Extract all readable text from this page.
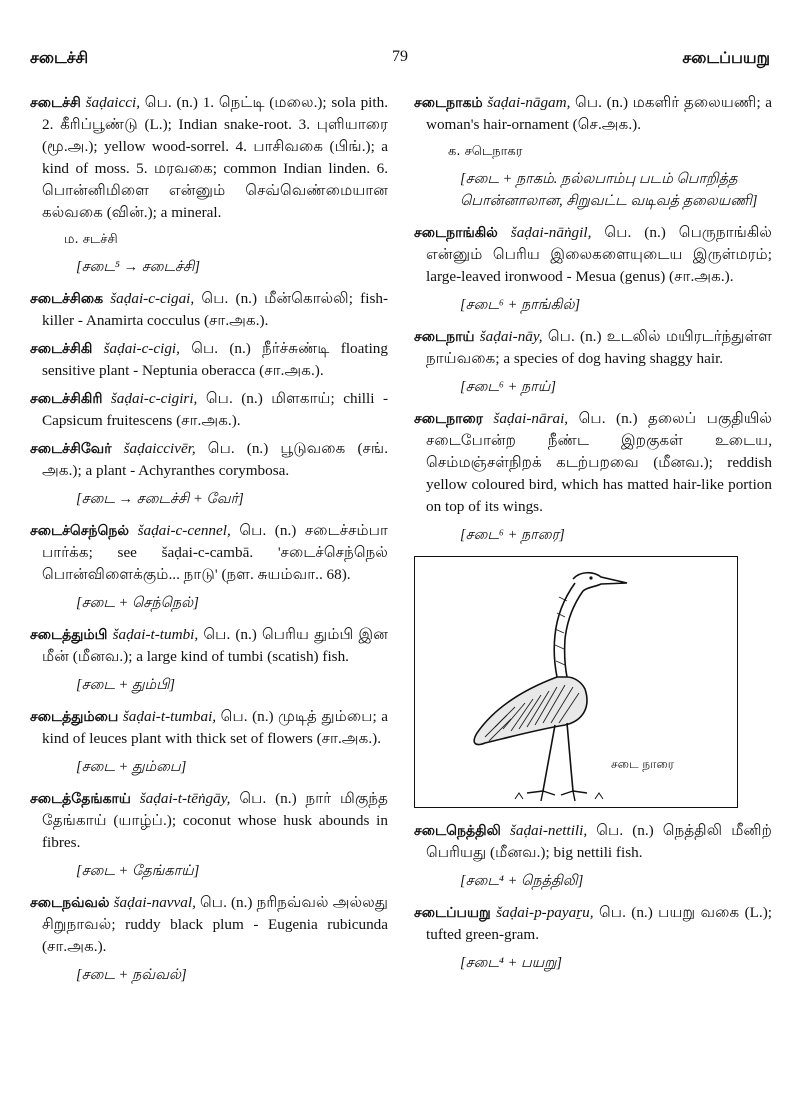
சடைச்சி	79	சடைப்பயறு
சடைச்சி šaḍaicci, பெ. (n.) 1. நெட்டி (மலை.); sola pith. 2. கீரிப்பூண்டு (L.); Indian snake-root. 3. புளியாரை (மூ.அ.); yellow wood-sorrel. 4. பாசிவகை (பிங்.); a kind of moss. 5. மரவகை; common Indian linden. 6. பொன்னிமிளை என்னும் செவ்வெண்மையான கல்வகை (வின்.); a mineral.
ம. சடச்சி
[சடை⁵ → சடைச்சி]
சடைச்சிகை šaḍai-c-cigai, பெ. (n.) மீன்கொல்லி; fish-killer - Anamirta cocculus (சா.அக.).
சடைச்சிகி šaḍai-c-cigi, பெ. (n.) நீர்ச்சுண்டி floating sensitive plant - Neptunia oberacca (சா.அக.).
சடைச்சிகிரி šaḍai-c-cigiri, பெ. (n.) மிளகாய்; chilli - Capsicum fruitescens (சா.அக.).
சடைச்சிவேர் šaḍaiccivēr, பெ. (n.) பூடுவகை (சங். அக.); a plant - Achyranthes corymbosa.
[சடை → சடைச்சி + வேர்]
சடைச்செந்நெல் šaḍai-c-cennel, பெ. (n.) சடைச்சம்பா பார்க்க; see šaḍai-c-cambā. 'சடைச்செந்நெல் பொன்விளைக்கும்... நாடு' (நள. சுயம்வா.. 68).
[சடை + செந்நெல்]
சடைத்தும்பி šaḍai-t-tumbi, பெ. (n.) பெரிய தும்பி இன மீன் (மீனவ.); a large kind of tumbi (scatish) fish.
[சடை + தும்பி]
சடைத்தும்பை šaḍai-t-tumbai, பெ. (n.) முடித் தும்பை; a kind of leuces plant with thick set of flowers (சா.அக.).
[சடை + தும்பை]
சடைத்தேங்காய் šaḍai-t-tēṅgāy, பெ. (n.) நார் மிகுந்த தேங்காய் (யாழ்ப்.); coconut whose husk abounds in fibres.
[சடை + தேங்காய்]
சடைநவ்வல் šaḍai-navval, பெ. (n.) நரிநவ்வல் அல்லது சிறுநாவல்; ruddy black plum - Eugenia rubicunda (சா.அக.).
[சடை + நவ்வல்]
சடைநாகம் šaḍai-nāgam, பெ. (n.) மகளிர் தலையணி; a woman's hair-ornament (செ.அக.).
க. சடெநாகர
[சடை + நாகம். நல்லபாம்பு படம் பொறித்த பொன்னாலான, சிறுவட்ட வடிவத் தலையணி]
சடைநாங்கில் šaḍai-nāṅgil, பெ. (n.) பெருநாங்கில் என்னும் பெரிய இலைகளையுடைய இருள்மரம்; large-leaved ironwood - Mesua (genus) (சா.அக.).
[சடை⁶ + நாங்கில்]
சடைநாய் šaḍai-nāy, பெ. (n.) உடலில் மயிரடர்ந்துள்ள நாய்வகை; a species of dog having shaggy hair.
[சடை⁶ + நாய்]
சடைநாரை šaḍai-nārai, பெ. (n.) தலைப் பகுதியில் சடைபோன்ற நீண்ட இறகுகள் உடைய, செம்மஞ்சள்நிறக் கடற்பறவை (மீனவ.); reddish yellow coloured bird, which has matted hair-like portion on top of its wings.
[சடை⁶ + நாரை]
சடை நாரை
சடைநெத்திலி šaḍai-nettili, பெ. (n.) நெத்திலி மீனிற் பெரியது (மீனவ.); big nettili fish.
[சடை⁴ + நெத்திலி]
சடைப்பயறு šaḍai-p-payaṟu, பெ. (n.) பயறு வகை (L.); tufted green-gram.
[சடை⁴ + பயறு]
